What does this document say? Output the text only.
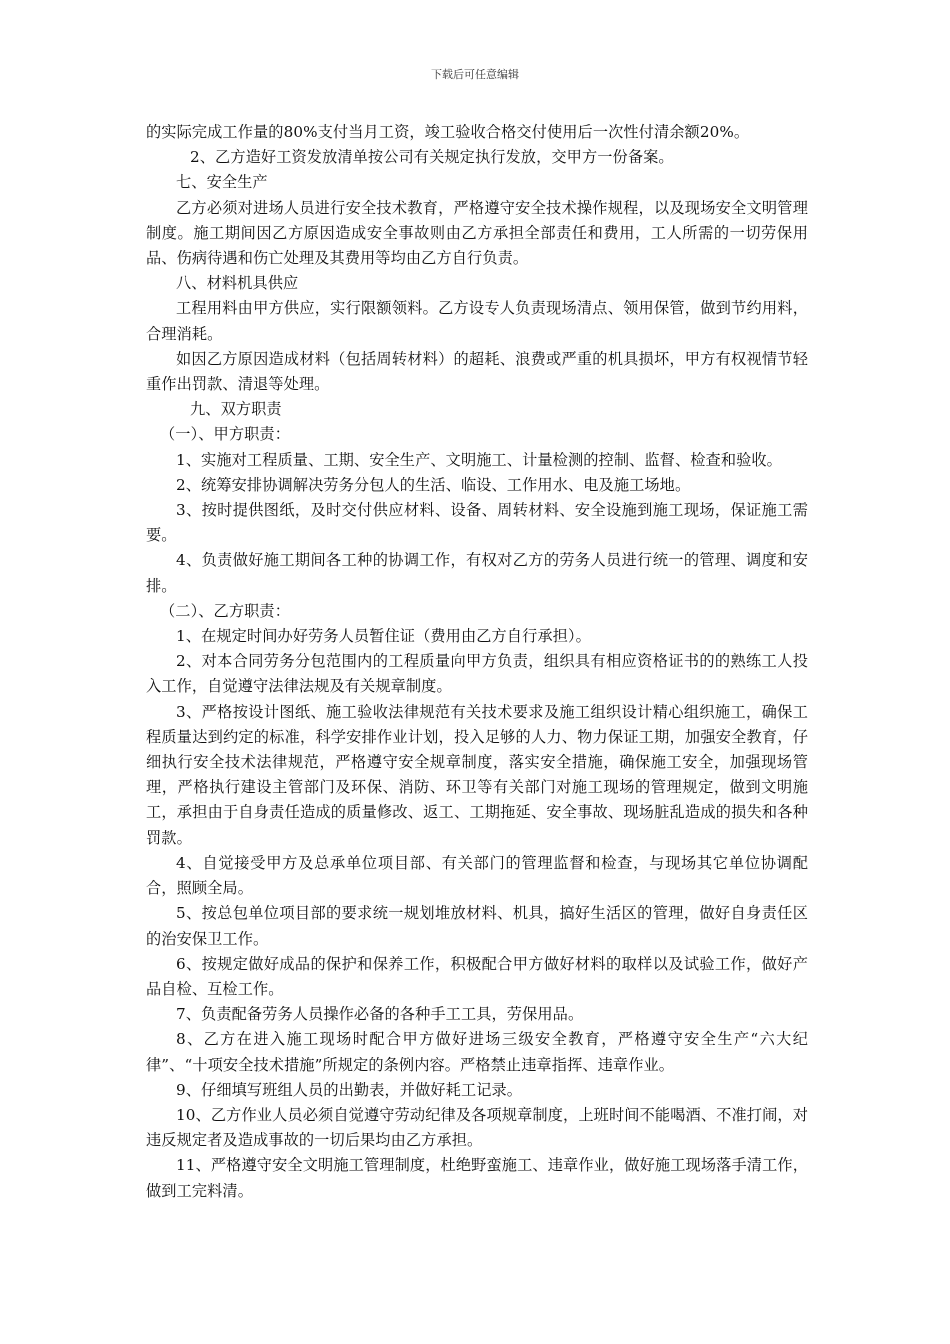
下载后可任意编辑

的实际完成工作量的80%支付当月工资，竣工验收合格交付使用后一次性付清余额20%。

2、乙方造好工资发放清单按公司有关规定执行发放，交甲方一份备案。

七、安全生产

乙方必须对进场人员进行安全技术教育，严格遵守安全技术操作规程，以及现场安全文明管理制度。施工期间因乙方原因造成安全事故则由乙方承担全部责任和费用，工人所需的一切劳保用品、伤病待遇和伤亡处理及其费用等均由乙方自行负责。

八、材料机具供应

工程用料由甲方供应，实行限额领料。乙方设专人负责现场清点、领用保管，做到节约用料，合理消耗。

如因乙方原因造成材料（包括周转材料）的超耗、浪费或严重的机具损坏，甲方有权视情节轻重作出罚款、清退等处理。

九、双方职责

（一）、甲方职责：

1、实施对工程质量、工期、安全生产、文明施工、计量检测的控制、监督、检查和验收。

2、统筹安排协调解决劳务分包人的生活、临设、工作用水、电及施工场地。

3、按时提供图纸，及时交付供应材料、设备、周转材料、安全设施到施工现场，保证施工需要。

4、负责做好施工期间各工种的协调工作，有权对乙方的劳务人员进行统一的管理、调度和安排。

（二）、乙方职责：

1、在规定时间办好劳务人员暂住证（费用由乙方自行承担）。

2、对本合同劳务分包范围内的工程质量向甲方负责，组织具有相应资格证书的的熟练工人投入工作，自觉遵守法律法规及有关规章制度。

3、严格按设计图纸、施工验收法律规范有关技术要求及施工组织设计精心组织施工，确保工程质量达到约定的标准，科学安排作业计划，投入足够的人力、物力保证工期，加强安全教育，仔细执行安全技术法律规范，严格遵守安全规章制度，落实安全措施，确保施工安全，加强现场管理，严格执行建设主管部门及环保、消防、环卫等有关部门对施工现场的管理规定，做到文明施工，承担由于自身责任造成的质量修改、返工、工期拖延、安全事故、现场脏乱造成的损失和各种罚款。

4、自觉接受甲方及总承单位项目部、有关部门的管理监督和检查，与现场其它单位协调配合，照顾全局。

5、按总包单位项目部的要求统一规划堆放材料、机具，搞好生活区的管理，做好自身责任区的治安保卫工作。

6、按规定做好成品的保护和保养工作，积极配合甲方做好材料的取样以及试验工作，做好产品自检、互检工作。

7、负责配备劳务人员操作必备的各种手工工具，劳保用品。

8、乙方在进入施工现场时配合甲方做好进场三级安全教育，严格遵守安全生产“六大纪律”、“十项安全技术措施”所规定的条例内容。严格禁止违章指挥、违章作业。

9、仔细填写班组人员的出勤表，并做好耗工记录。

10、乙方作业人员必须自觉遵守劳动纪律及各项规章制度，上班时间不能喝酒、不准打闹，对违反规定者及造成事故的一切后果均由乙方承担。

11、严格遵守安全文明施工管理制度，杜绝野蛮施工、违章作业，做好施工现场落手清工作，做到工完料清。
